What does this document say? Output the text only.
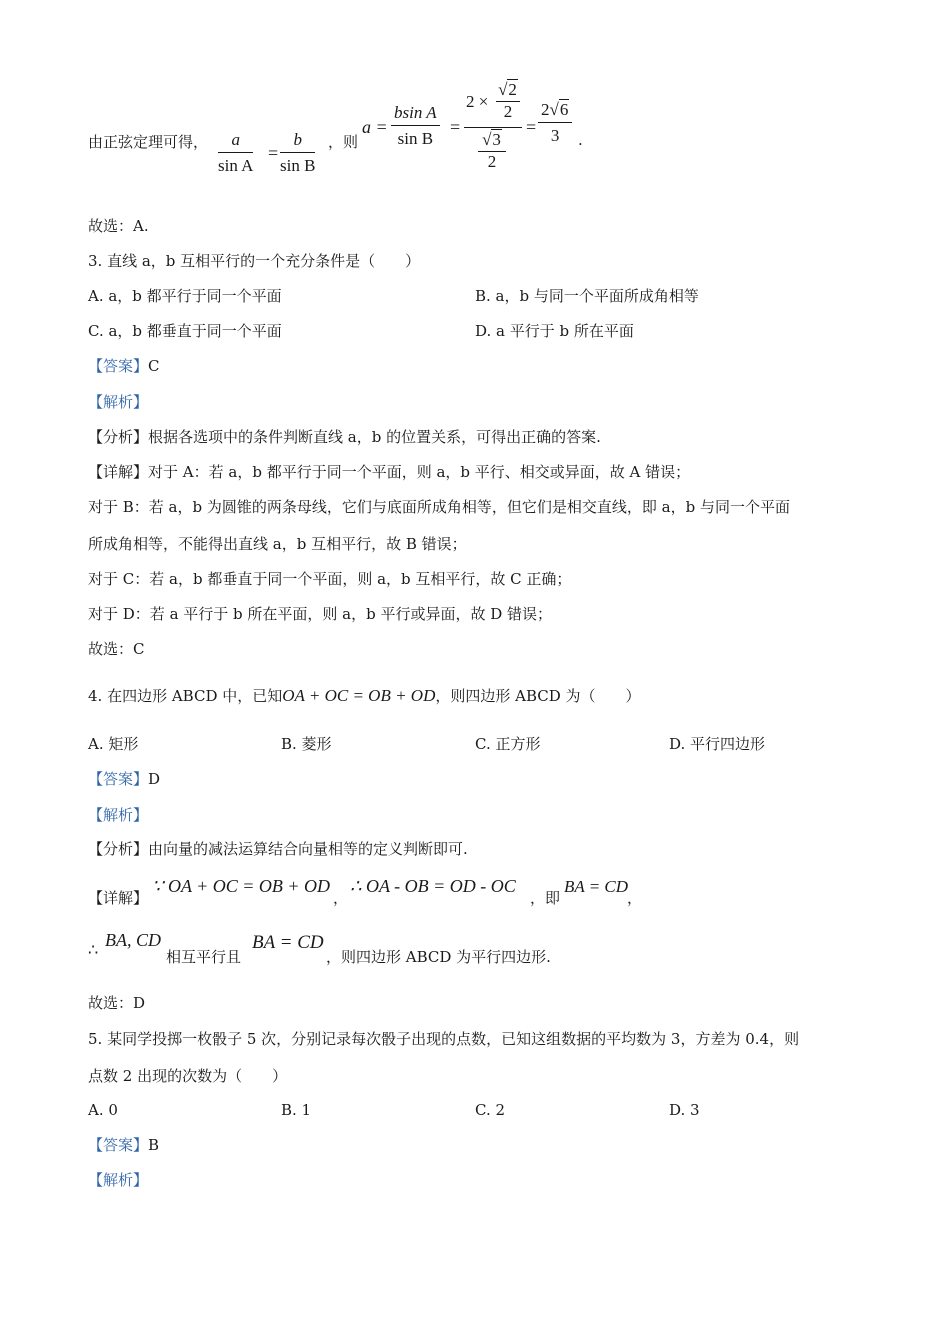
由正弦定理可得， $\frac{a}{\text{sin A}} = \frac{b}{\text{sin B}}$ ，则
$a = \frac{\text{bsin A}}{\text{sin B}}$ =
2 ×
√2
2
√3
2
= $\frac{2√6}{3}$ .
故选：A.
3. 直线 a，b 互相平行的一个充分条件是（　　）
A. a，b 都平行于同一个平面	B. a，b 与同一个平面所成角相等
C. a，b 都垂直于同一个平面	D. a 平行于 b 所在平面
【答案】C
【解析】
【分析】根据各选项中的条件判断直线 a，b 的位置关系，可得出正确的答案.
【详解】对于 A：若 a，b 都平行于同一个平面，则 a，b 平行、相交或异面，故 A 错误；
对于 B：若 a，b 为圆锥的两条母线，它们与底面所成角相等，但它们是相交直线，即 a，b 与同一个平面
所成角相等，不能得出直线 a，b 互相平行，故 B 错误；
对于 C：若 a，b 都垂直于同一个平面，则 a，b 互相平行，故 C 正确；
对于 D：若 a 平行于 b 所在平面，则 a，b 平行或异面，故 D 错误；
故选：C
4. 在四边形 ABCD 中，已知OA + OC = OB + OD，则四边形 ABCD 为（　　）
A. 矩形	B. 菱形	C. 正方形	D. 平行四边形
【答案】D
【解析】
【分析】由向量的减法运算结合向量相等的定义判断即可.
【详解】
∵ OA + OC = OB + OD
，
∴ OA - OB = OD - OC
，即
BA = CD
，
∴ BA, CD
相互平行且
BA = CD
，则四边形 ABCD 为平行四边形.
故选：D
5. 某同学投掷一枚骰子 5 次，分别记录每次骰子出现的点数，已知这组数据的平均数为 3，方差为 0.4，则
点数 2 出现的次数为（　　）
A. 0	B. 1	C. 2	D. 3
【答案】B
【解析】
